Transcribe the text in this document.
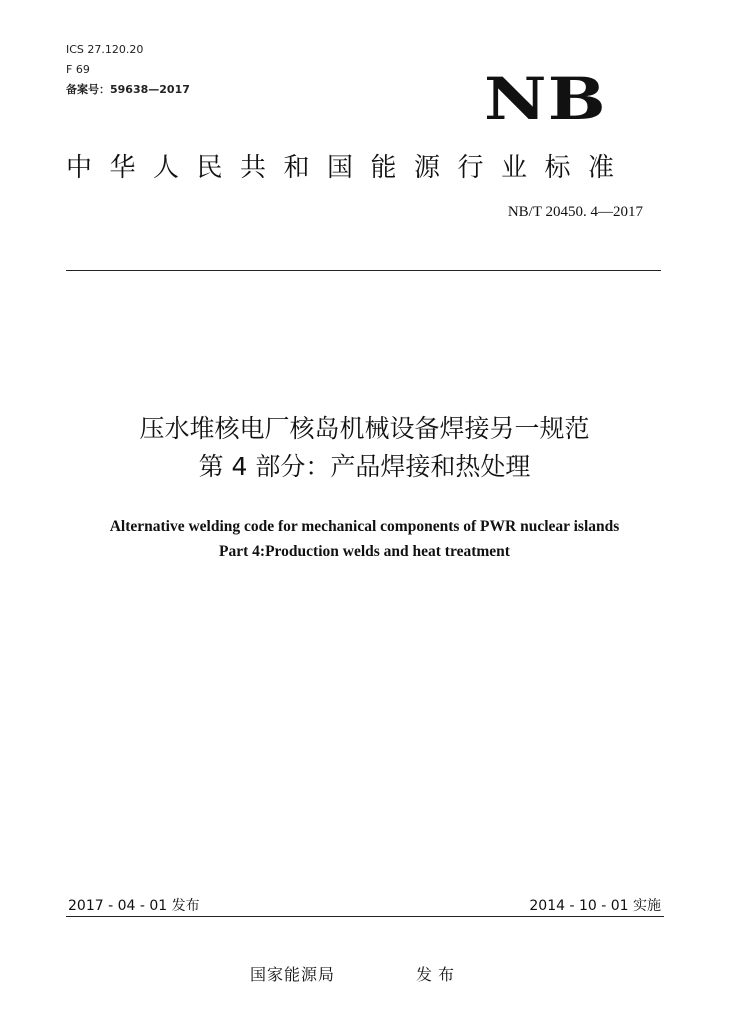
ICS 27.120.20
F 69
备案号：59638—2017	NB
中华人民共和国能源行业标准
NB/T 20450. 4—2017
压水堆核电厂核岛机械设备焊接另一规范
第 4 部分：产品焊接和热处理
Alternative welding code for mechanical components of PWR nuclear islands
Part 4:Production welds and heat treatment
2017 - 04 - 01 发布	2014 - 10 - 01 实施
国家能源局	发布
